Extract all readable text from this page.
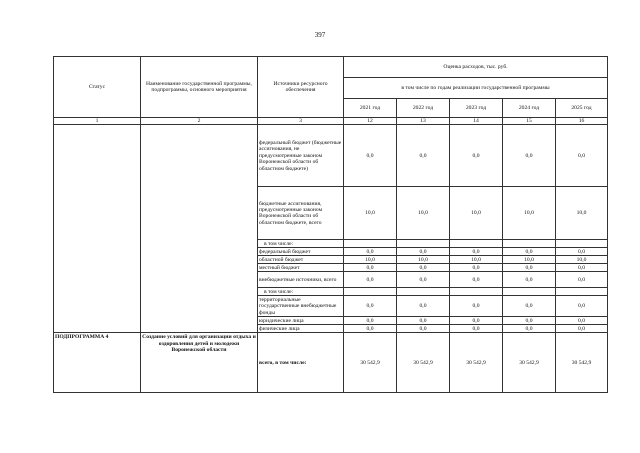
397
Статус	Наименование государственной программы, подпрограммы, основного мероприятия	Источники ресурсного обеспечения	Оценка расходов, тыс. руб.				
			в том числе по годам реализации государственной программы				
			2021 год	2022 год	2023 год	2024 год	2025 год
1	2	3	12	13	14	15	16
		федеральный бюджет (бюджетные ассигнования, не предусмотренные законом Воронежской области об областном бюджете)	0,0	0,0	0,0	0,0	0,0
		бюджетные ассигнования, предусмотренные законом Воронежской области об областном бюджете, всего	10,0	10,0	10,0	10,0	10,0
		в том числе:					
		федеральный бюджет	0,0	0,0	0,0	0,0	0,0
		областной бюджет	10,0	10,0	10,0	10,0	10,0
		местный бюджет	0,0	0,0	0,0	0,0	0,0
		внебюджетные источники, всего	0,0	0,0	0,0	0,0	0,0
		в том числе:					
		территориальные государственные внебюджетные фонды	0,0	0,0	0,0	0,0	0,0
		юридические лица	0,0	0,0	0,0	0,0	0,0
		физические лица	0,0	0,0	0,0	0,0	0,0
ПОДПРОГРАММА 4	Создание условий для организации отдыха и оздоровления детей и молодежи Воронежской области	всего, в том числе:	30 542,9	30 542,9	30 542,9	30 542,9	30 542,9
